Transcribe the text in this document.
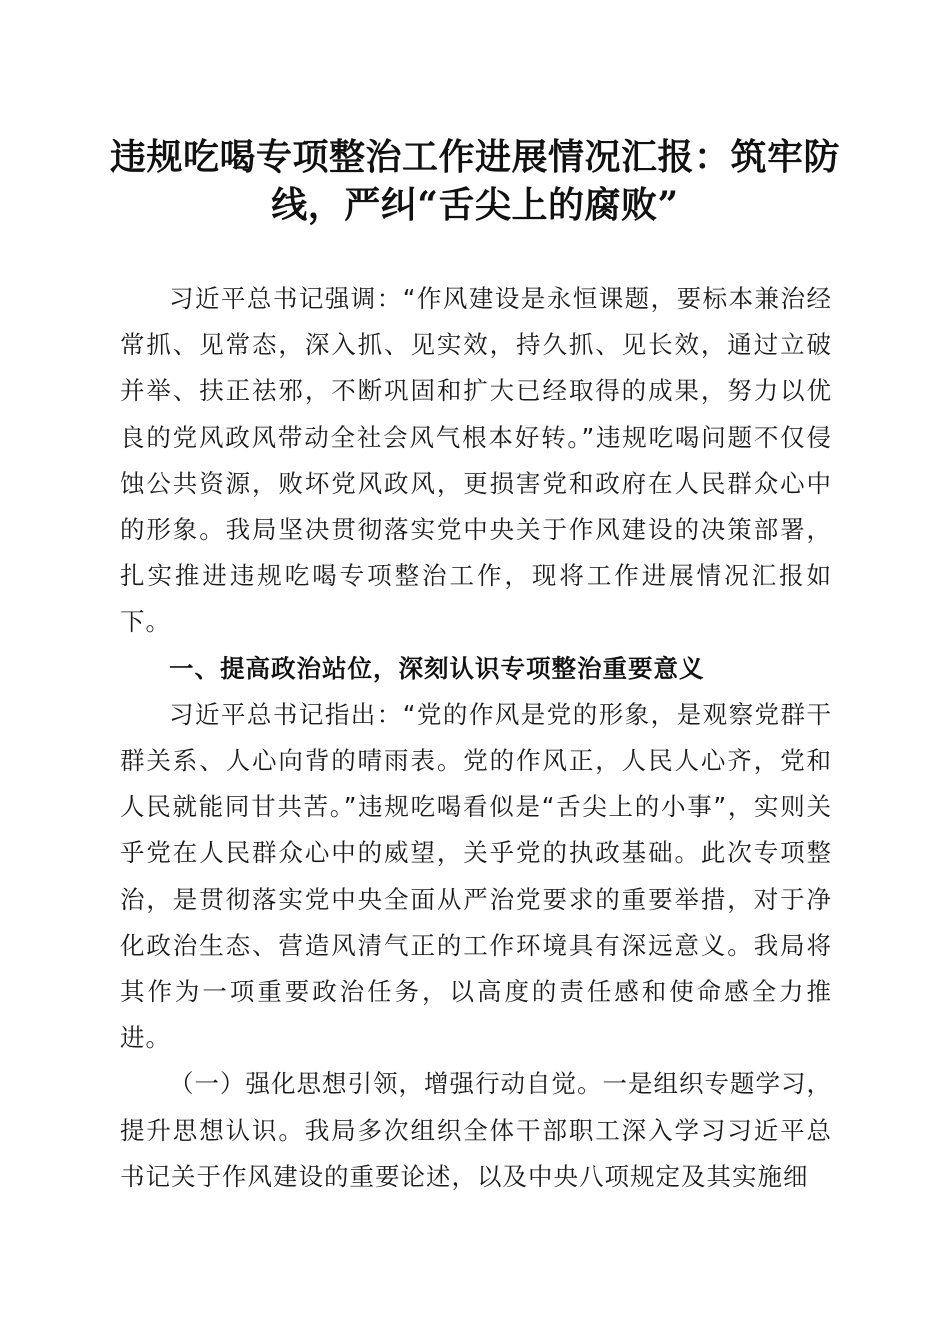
违规吃喝专项整治工作进展情况汇报：筑牢防线，严纠“舌尖上的腐败”

习近平总书记强调：“作风建设是永恒课题，要标本兼治经常抓、见常态，深入抓、见实效，持久抓、见长效，通过立破并举、扶正祛邪，不断巩固和扩大已经取得的成果，努力以优良的党风政风带动全社会风气根本好转。”违规吃喝问题不仅侵蚀公共资源，败坏党风政风，更损害党和政府在人民群众心中的形象。我局坚决贯彻落实党中央关于作风建设的决策部署，扎实推进违规吃喝专项整治工作，现将工作进展情况汇报如下。

一、提高政治站位，深刻认识专项整治重要意义

习近平总书记指出：“党的作风是党的形象，是观察党群干群关系、人心向背的晴雨表。党的作风正，人民人心齐，党和人民就能同甘共苦。”违规吃喝看似是“舌尖上的小事”，实则关乎党在人民群众心中的威望，关乎党的执政基础。此次专项整治，是贯彻落实党中央全面从严治党要求的重要举措，对于净化政治生态、营造风清气正的工作环境具有深远意义。我局将其作为一项重要政治任务，以高度的责任感和使命感全力推进。

（一）强化思想引领，增强行动自觉。一是组织专题学习，提升思想认识。我局多次组织全体干部职工深入学习习近平总书记关于作风建设的重要论述，以及中央八项规定及其实施细
